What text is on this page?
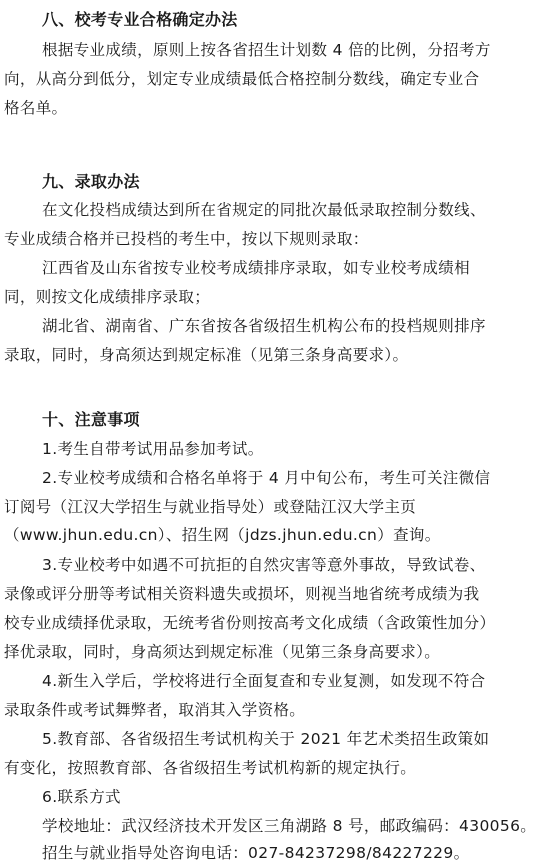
八、校考专业合格确定办法
根据专业成绩，原则上按各省招生计划数 4 倍的比例，分招考方
向，从高分到低分，划定专业成绩最低合格控制分数线，确定专业合
格名单。
九、录取办法
在文化投档成绩达到所在省规定的同批次最低录取控制分数线、
专业成绩合格并已投档的考生中，按以下规则录取：
江西省及山东省按专业校考成绩排序录取，如专业校考成绩相
同，则按文化成绩排序录取；
湖北省、湖南省、广东省按各省级招生机构公布的投档规则排序
录取，同时，身高须达到规定标准（见第三条身高要求）。
十、注意事项
1.考生自带考试用品参加考试。
2.专业校考成绩和合格名单将于 4 月中旬公布，考生可关注微信
订阅号（江汉大学招生与就业指导处）或登陆江汉大学主页
（www.jhun.edu.cn）、招生网（jdzs.jhun.edu.cn）查询。
3.专业校考中如遇不可抗拒的自然灾害等意外事故，导致试卷、
录像或评分册等考试相关资料遗失或损坏，则视当地省统考成绩为我
校专业成绩择优录取，无统考省份则按高考文化成绩（含政策性加分）
择优录取，同时，身高须达到规定标准（见第三条身高要求）。
4.新生入学后，学校将进行全面复查和专业复测，如发现不符合
录取条件或考试舞弊者，取消其入学资格。
5.教育部、各省级招生考试机构关于 2021 年艺术类招生政策如
有变化，按照教育部、各省级招生考试机构新的规定执行。
6.联系方式
学校地址：武汉经济技术开发区三角湖路 8 号，邮政编码：430056。
招生与就业指导处咨询电话：027-84237298/84227229。
